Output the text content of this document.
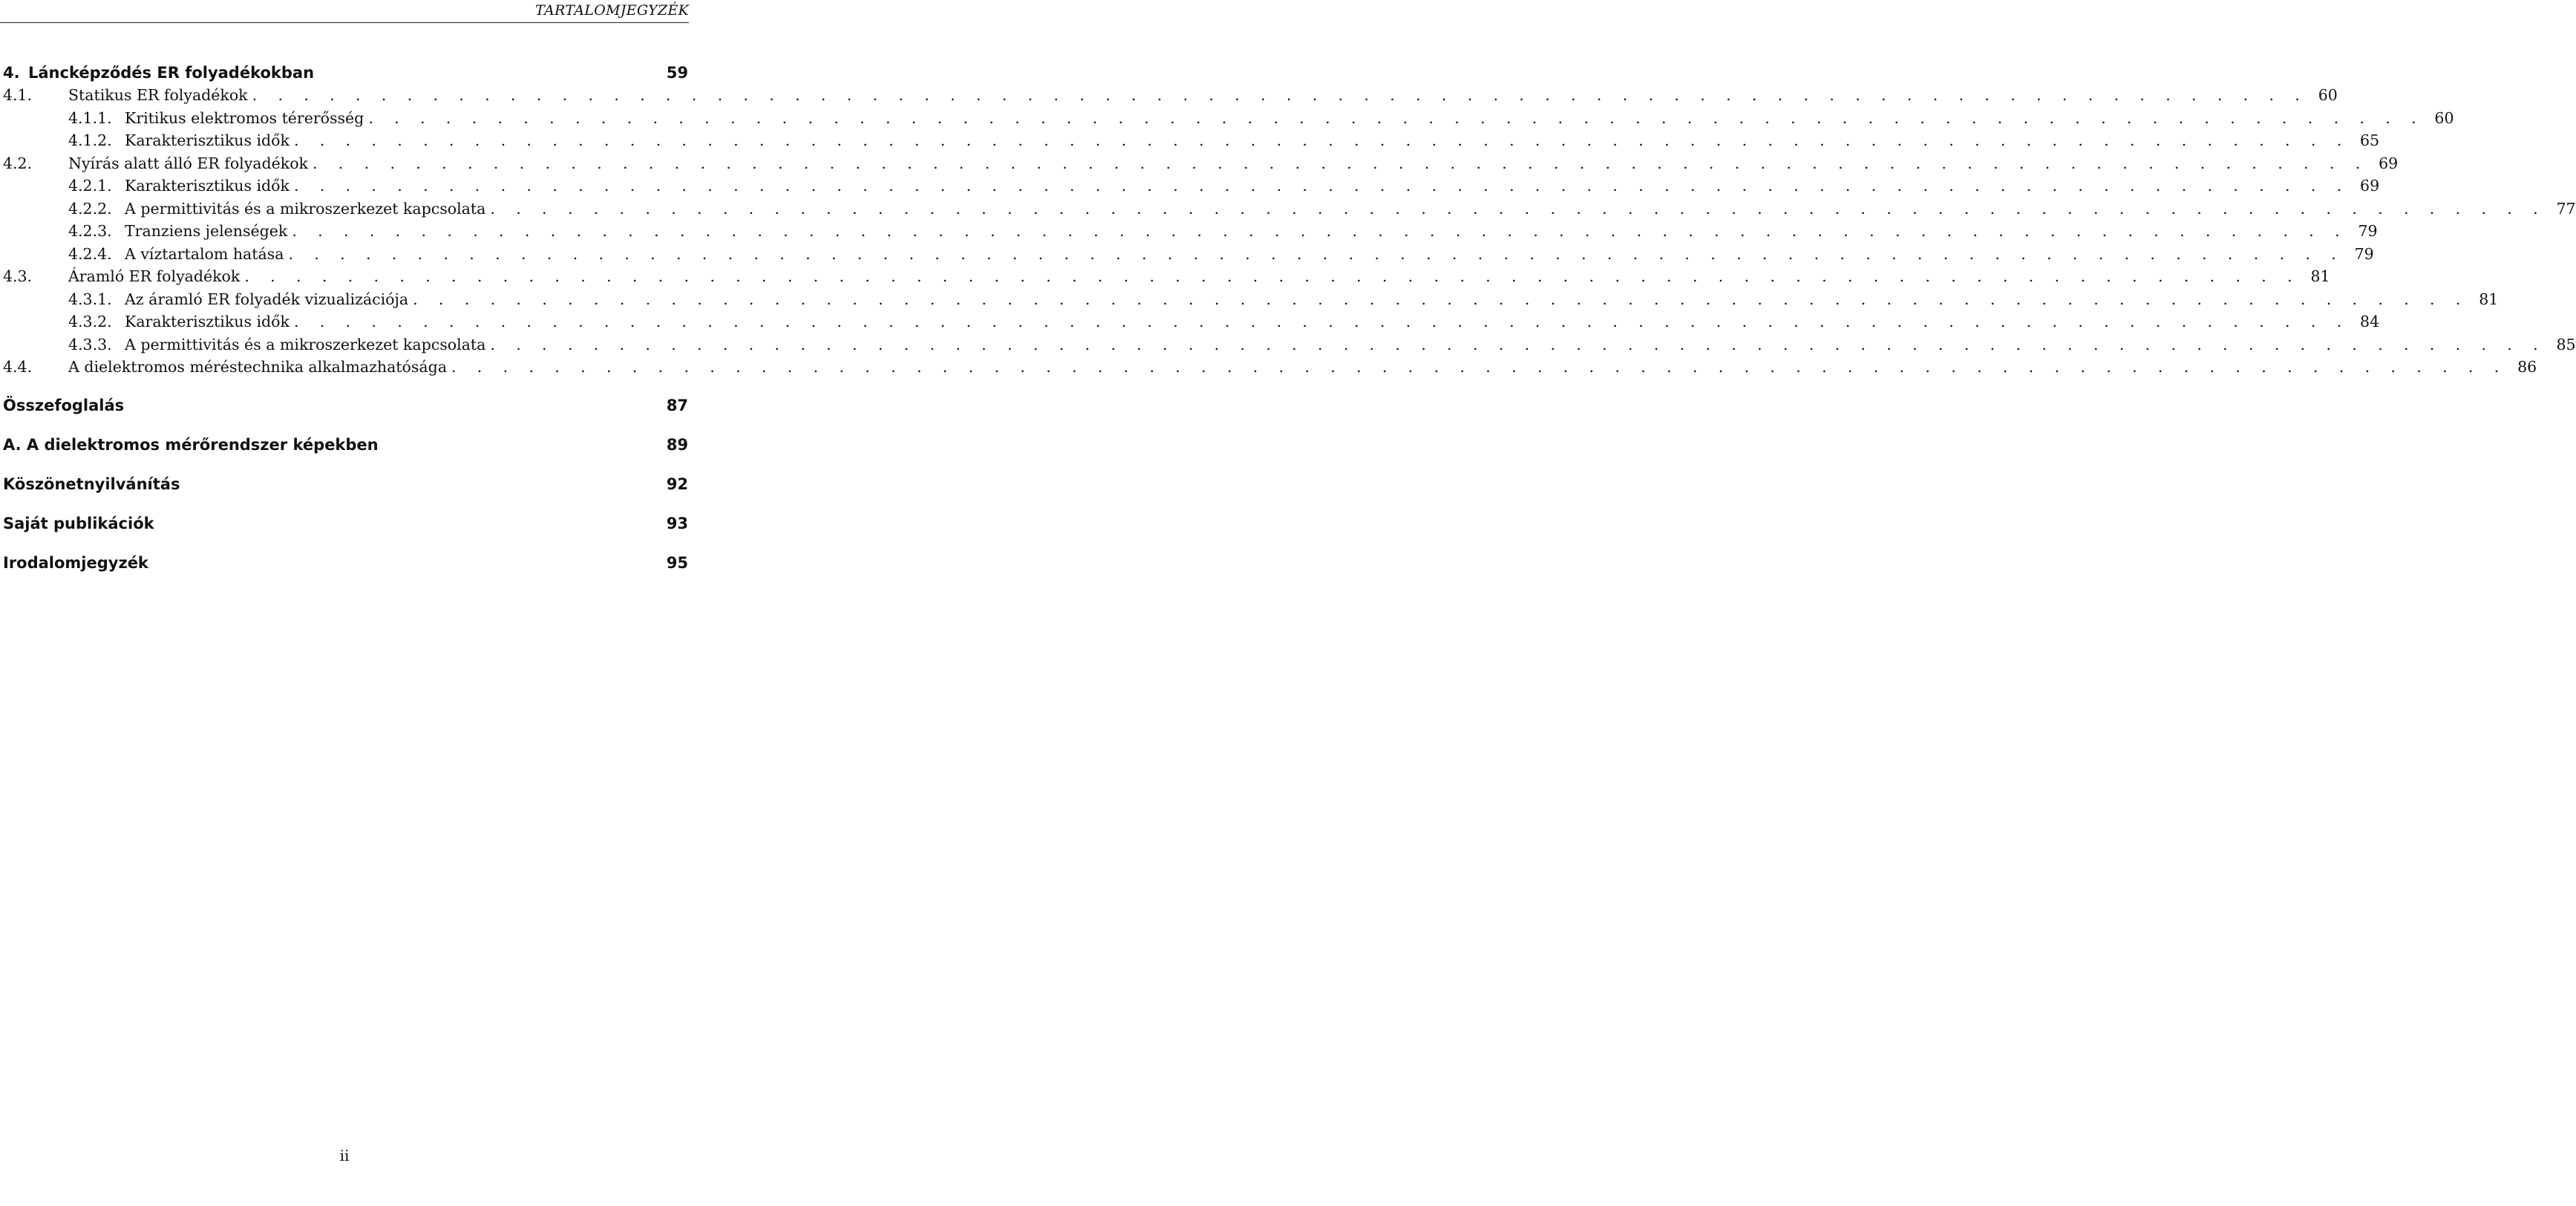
TARTALOMJEGYZÉK
4. Láncképződés ER folyadékokban	59
4.1.	Statikus ER folyadékok . . . . . . . . . . . . . . . . . . . . . . . . . . . . . . . . . . . . . . . . . . . . . . . . . . . . . . . . . . . . . . . . . . . . . . . . . . . . . . . . 60
4.1.1. Kritikus elektromos térerősség . . . . . . . . . . . . . . . . . . . . . . . . . . . . . . . . . . . . . . . . . . . . . . . . . . . . . . . . . . . . . . . . . . . . . . . . . . . . . . . . 60
4.1.2. Karakterisztikus idők . . . . . . . . . . . . . . . . . . . . . . . . . . . . . . . . . . . . . . . . . . . . . . . . . . . . . . . . . . . . . . . . . . . . . . . . . . . . . . . . 65
4.2.	Nyírás alatt álló ER folyadékok . . . . . . . . . . . . . . . . . . . . . . . . . . . . . . . . . . . . . . . . . . . . . . . . . . . . . . . . . . . . . . . . . . . . . . . . . . . . . . . . 69
4.2.1. Karakterisztikus idők . . . . . . . . . . . . . . . . . . . . . . . . . . . . . . . . . . . . . . . . . . . . . . . . . . . . . . . . . . . . . . . . . . . . . . . . . . . . . . . . 69
4.2.2. A permittivitás és a mikroszerkezet kapcsolata . . . . . . . . . . . . . . . . . . . . . . . . . . . . . . . . . . . . . . . . . . . . . . . . . . . . . . . . . . . . . . . . . . . . . . . . . . . . . . . . 77
4.2.3. Tranziens jelenségek . . . . . . . . . . . . . . . . . . . . . . . . . . . . . . . . . . . . . . . . . . . . . . . . . . . . . . . . . . . . . . . . . . . . . . . . . . . . . . . . 79
4.2.4. A víztartalom hatása . . . . . . . . . . . . . . . . . . . . . . . . . . . . . . . . . . . . . . . . . . . . . . . . . . . . . . . . . . . . . . . . . . . . . . . . . . . . . . . . 79
4.3.	Áramló ER folyadékok . . . . . . . . . . . . . . . . . . . . . . . . . . . . . . . . . . . . . . . . . . . . . . . . . . . . . . . . . . . . . . . . . . . . . . . . . . . . . . . . 81
4.3.1. Az áramló ER folyadék vizualizációja . . . . . . . . . . . . . . . . . . . . . . . . . . . . . . . . . . . . . . . . . . . . . . . . . . . . . . . . . . . . . . . . . . . . . . . . . . . . . . . . 81
4.3.2. Karakterisztikus idők . . . . . . . . . . . . . . . . . . . . . . . . . . . . . . . . . . . . . . . . . . . . . . . . . . . . . . . . . . . . . . . . . . . . . . . . . . . . . . . . 84
4.3.3. A permittivitás és a mikroszerkezet kapcsolata . . . . . . . . . . . . . . . . . . . . . . . . . . . . . . . . . . . . . . . . . . . . . . . . . . . . . . . . . . . . . . . . . . . . . . . . . . . . . . . . 85
4.4.	A dielektromos méréstechnika alkalmazhatósága . . . . . . . . . . . . . . . . . . . . . . . . . . . . . . . . . . . . . . . . . . . . . . . . . . . . . . . . . . . . . . . . . . . . . . . . . . . . . . . . 86
Összefoglalás	87
A. A dielektromos mérőrendszer képekben	89
Köszönetnyilvánítás	92
Saját publikációk	93
Irodalomjegyzék	95
ii
